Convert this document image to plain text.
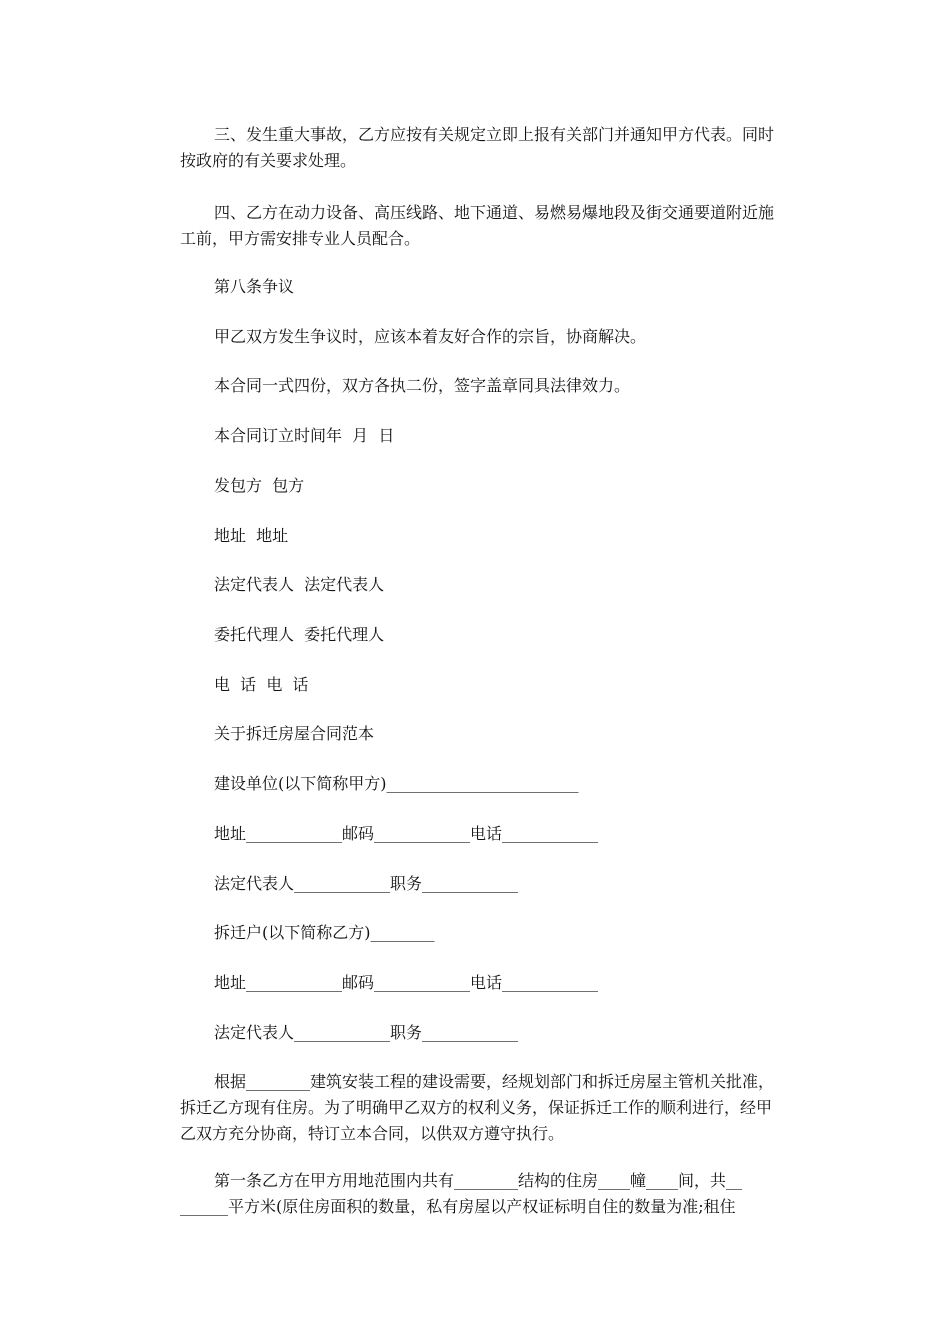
三、发生重大事故，乙方应按有关规定立即上报有关部门并通知甲方代表。同时按政府的有关要求处理。

四、乙方在动力设备、高压线路、地下通道、易燃易爆地段及街交通要道附近施工前，甲方需安排专业人员配合。

第八条争议

甲乙双方发生争议时，应该本着友好合作的宗旨，协商解决。

本合同一式四份，双方各执二份，签字盖章同具法律效力。

本合同订立时间年  月  日

发包方  包方

地址  地址

法定代表人  法定代表人

委托代理人  委托代理人

电  话  电  话

关于拆迁房屋合同范本

建设单位(以下简称甲方)________________________

地址____________邮码____________电话____________

法定代表人____________职务____________

拆迁户(以下简称乙方)________

地址____________邮码____________电话____________

法定代表人____________职务____________

根据________建筑安装工程的建设需要，经规划部门和拆迁房屋主管机关批准，拆迁乙方现有住房。为了明确甲乙双方的权利义务，保证拆迁工作的顺利进行，经甲乙双方充分协商，特订立本合同，以供双方遵守执行。

第一条乙方在甲方用地范围内共有________结构的住房____幢____间，共__
______平方米(原住房面积的数量，私有房屋以产权证标明自住的数量为准;租住
